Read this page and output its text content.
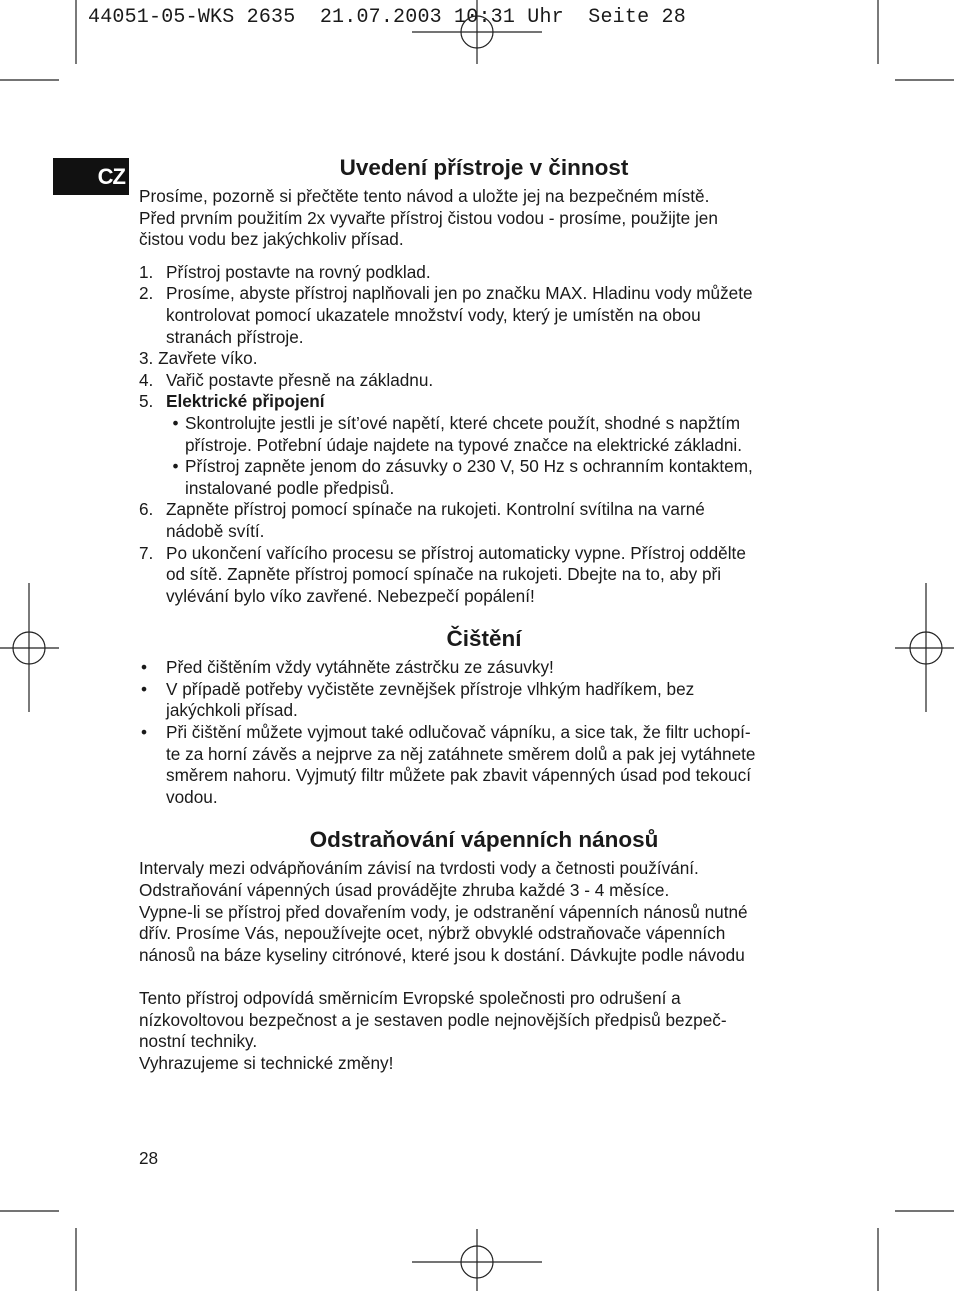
44051-05-WKS 2635  21.07.2003 10:31 Uhr  Seite 28
CZ	Uvedení přístroje v činnost

Prosíme, pozorně si přečtěte tento návod a uložte jej na bezpečném místě.

Před prvním použitím 2x vyvařte přístroj čistou vodou - prosíme, použijte jen

čistou vodu bez jakýchkoliv přísad.

1. Přístroj postavte na rovný podklad.

2. Prosíme, abyste přístroj naplňovali jen po značku MAX. Hladinu vody můžete

kontrolovat pomocí ukazatele množství vody, který je umístěn na obou

stranách přístroje.

3. Zavřete víko.
4. Vařič postavte přesně na základnu.

5. Elektrické připojení

• Skontrolujte jestli je sít’ové napětí, které chcete použít, shodné s napžtím

přístroje. Potřební údaje najdete na typové značce na elektrické základni.

• Přístroj zapněte jenom do zásuvky o 230 V, 50 Hz s ochranním kontaktem,

instalované podle předpisů.

6. Zapněte přístroj pomocí spínače na rukojeti. Kontrolní svítilna na varné

nádobě svítí.

7. Po ukončení vařícího procesu se přístroj automaticky vypne. Přístroj oddělte

od sítě. Zapněte přístroj pomocí spínače na rukojeti. Dbejte na to, aby při

vylévání bylo víko zavřené. Nebezpečí popálení!

Čištění
•	Před čištěním vždy vytáhněte zástrčku ze zásuvky!

•	V případě potřeby vyčistěte zevnějšek přístroje vlhkým hadříkem, bez

jakýchkoli přísad.

•	Při čištění můžete vyjmout také odlučovač vápníku, a sice tak, že filtr uchopí-

te za horní závěs a nejprve za něj zatáhnete směrem dolů a pak jej vytáhnete

směrem nahoru. Vyjmutý filtr můžete pak zbavit vápenných úsad pod tekoucí

vodou.

Odstraňování vápenních nánosů

Intervaly mezi odvápňováním závisí na tvrdosti vody a četnosti používání.

Odstraňování vápenných úsad provádějte zhruba každé 3 - 4 měsíce.

Vypne-li se přístroj před dovařením vody, je odstranění vápenních nánosů nutné

dřív. Prosíme Vás, nepoužívejte ocet, nýbrž obvyklé odstraňovače vápenních

nánosů na báze kyseliny citrónové, které jsou k dostání. Dávkujte podle návodu

Tento přístroj odpovídá směrnicím Evropské společnosti pro odrušení a

nízkovoltovou bezpečnost a je sestaven podle nejnovějších předpisů bezpeč-

nostní techniky.

Vyhrazujeme si technické změny!

28
